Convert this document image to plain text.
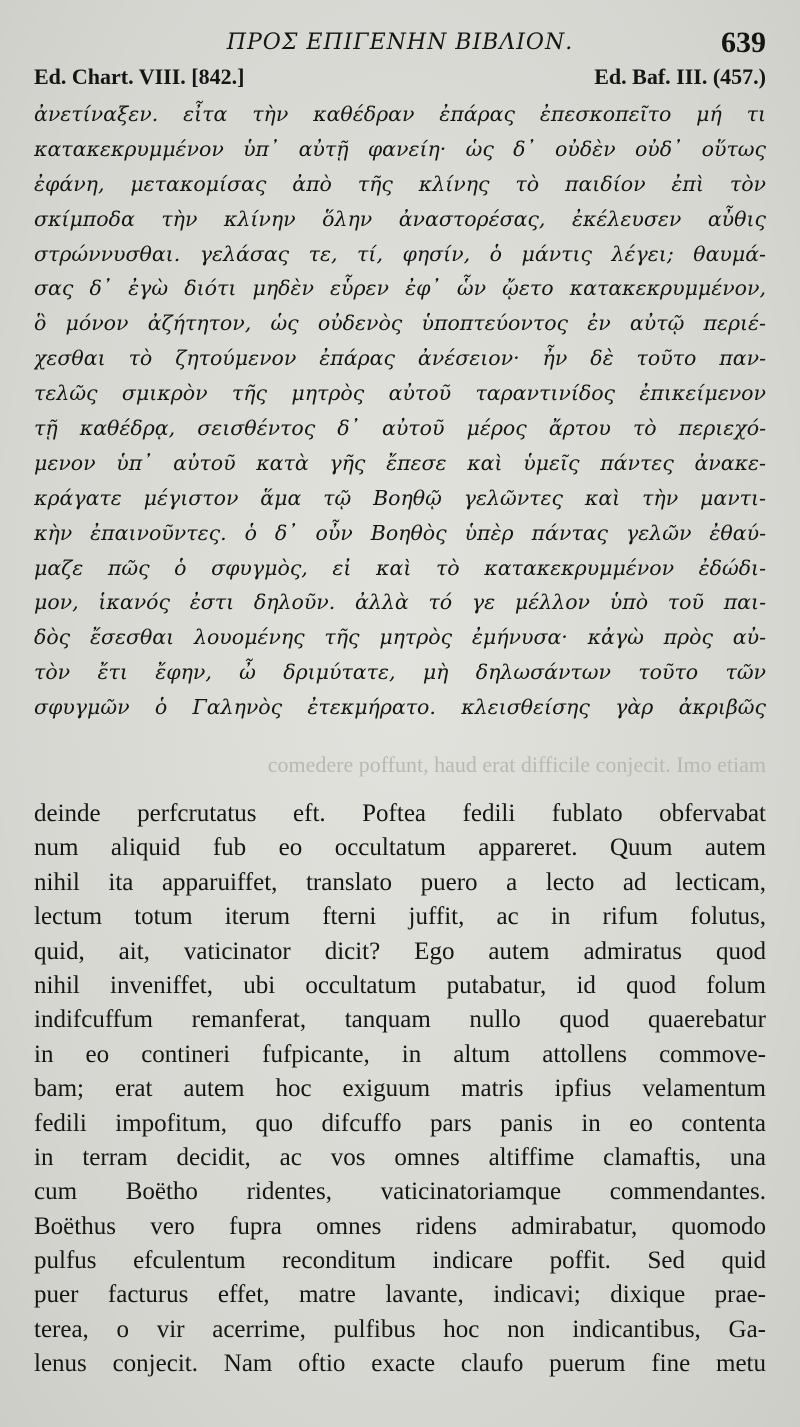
ΠΡΟΣ ΕΠΙΓΕΝΗΝ ΒΙΒΛΙΟΝ.	639
Ed. Chart. VIII. [842.]	Ed. Baf. III. (457.)
ἀνετίναξεν. εἶτα τὴν καθέδραν ἐπάρας ἐπεσκοπεῖτο μή τι
κατακεκρυμμένον ὑπ᾽ αὐτῇ φανείη· ὡς δ᾽ οὐδὲν οὐδ᾽ οὕτως
ἐφάνη, μετακομίσας ἀπὸ τῆς κλίνης τὸ παιδίον ἐπὶ τὸν
σκίμποδα τὴν κλίνην ὅλην ἀναστορέσας, ἐκέλευσεν αὖθις
στρώννυσθαι. γελάσας τε, τί, φησίν, ὁ μάντις λέγει; θαυμά-
σας δ᾽ ἐγὼ διότι μηδὲν εὗρεν ἐφ᾽ ὧν ᾤετο κατακεκρυμμένον,
ὃ μόνον ἀζήτητον, ὡς οὐδενὸς ὑποπτεύοντος ἐν αὐτῷ περιέ-
χεσθαι τὸ ζητούμενον ἐπάρας ἀνέσειον· ἦν δὲ τοῦτο παν-
τελῶς σμικρὸν τῆς μητρὸς αὐτοῦ ταραντινίδος ἐπικείμενον
τῇ καθέδρᾳ, σεισθέντος δ᾽ αὐτοῦ μέρος ἄρτου τὸ περιεχό-
μενον ὑπ᾽ αὐτοῦ κατὰ γῆς ἔπεσε καὶ ὑμεῖς πάντες ἀνακε-
κράγατε μέγιστον ἅμα τῷ Βοηθῷ γελῶντες καὶ τὴν μαντι-
κὴν ἐπαινοῦντες. ὁ δ᾽ οὖν Βοηθὸς ὑπὲρ πάντας γελῶν ἐθαύ-
μαζε πῶς ὁ σφυγμὸς, εἰ καὶ τὸ κατακεκρυμμένον ἐδώδι-
μον, ἱκανός ἐστι δηλοῦν. ἀλλὰ τό γε μέλλον ὑπὸ τοῦ παι-
δὸς ἔσεσθαι λουομένης τῆς μητρὸς ἐμήνυσα· κἀγὼ πρὸς αὐ-
τὸν ἔτι ἔφην, ὦ δριμύτατε, μὴ δηλωσάντων τοῦτο τῶν
σφυγμῶν ὁ Γαληνὸς ἐτεκμήρατο. κλεισθείσης γὰρ ἀκριβῶς
comedere poffunt, haud erat difficile conjecit. Imo etiam
deinde perfcrutatus eft. Poftea fedili fublato obfervabat
num aliquid fub eo occultatum appareret. Quum autem
nihil ita apparuiffet, translato puero a lecto ad lecticam,
lectum totum iterum fterni juffit, ac in rifum folutus,
quid, ait, vaticinator dicit? Ego autem admiratus quod
nihil inveniffet, ubi occultatum putabatur, id quod folum
indifcuffum remanferat, tanquam nullo quod quaerebatur
in eo contineri fufpicante, in altum attollens commove-
bam; erat autem hoc exiguum matris ipfius velamentum
fedili impofitum, quo difcuffo pars panis in eo contenta
in terram decidit, ac vos omnes altiffime clamaftis, una
cum Boëtho ridentes, vaticinatoriamque commendantes.
Boëthus vero fupra omnes ridens admirabatur, quomodo
pulfus efculentum reconditum indicare poffit. Sed quid
puer facturus effet, matre lavante, indicavi; dixique prae-
terea, o vir acerrime, pulfibus hoc non indicantibus, Ga-
lenus conjecit. Nam oftio exacte claufo puerum fine metu
